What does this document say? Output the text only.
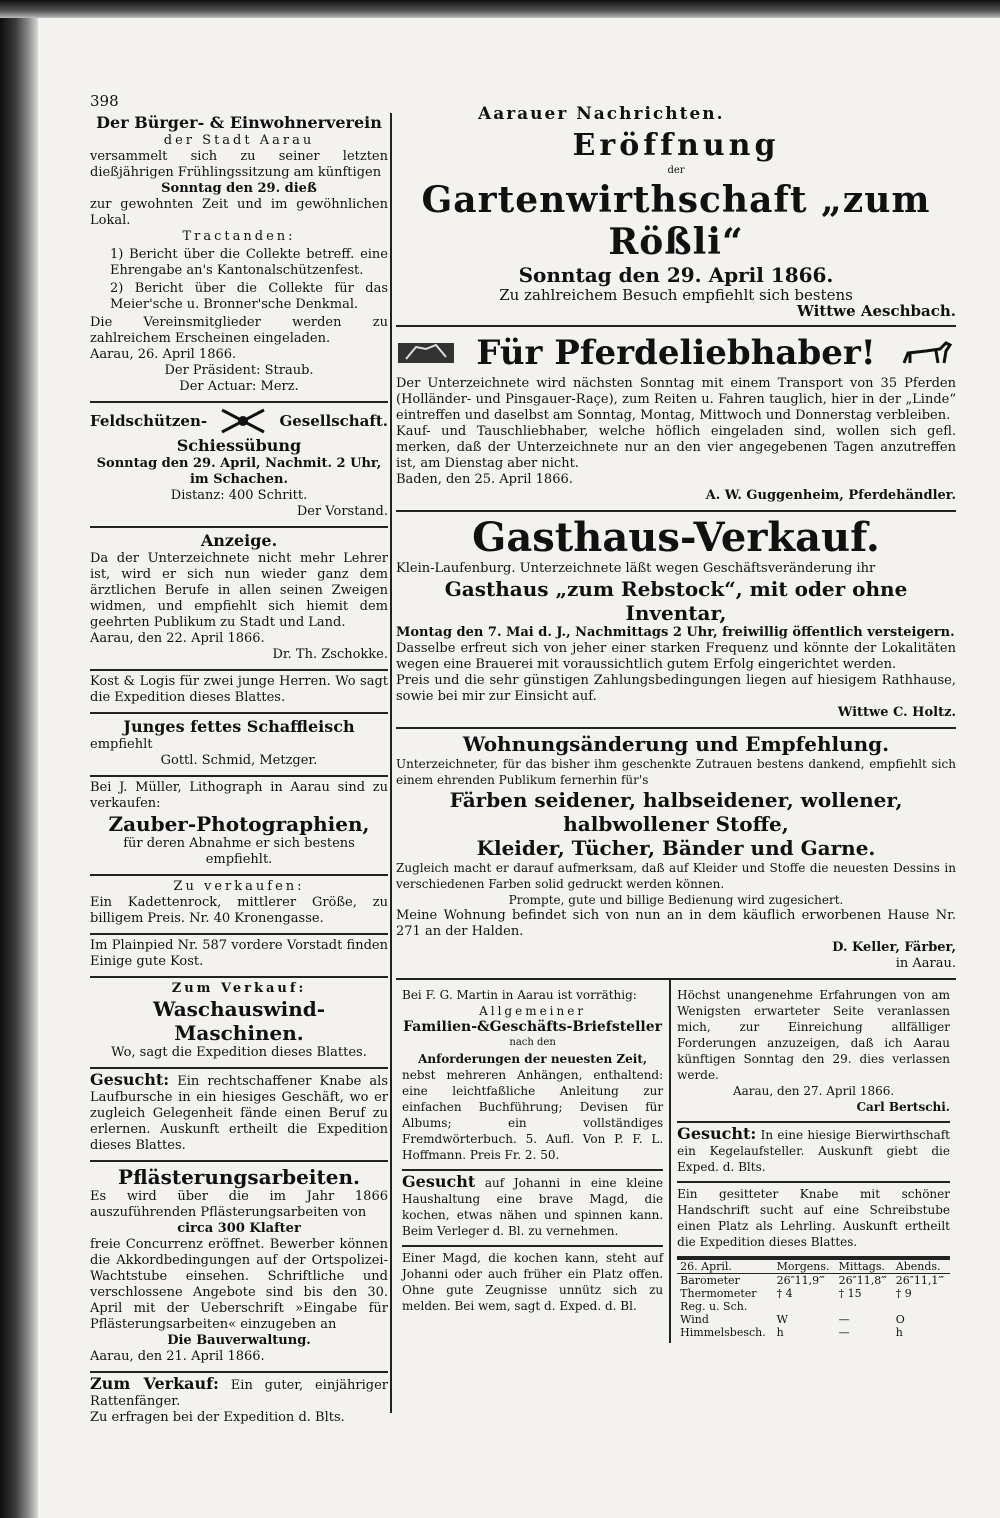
398
Aarauer Nachrichten.
Der Bürger- & Einwohnerverein

der Stadt Aarau

versammelt sich zu seiner letzten dießjährigen Frühlingssitzung am künftigen

Sonntag den 29. dieß

zur gewohnten Zeit und im gewöhnlichen Lokal.

Tractanden:

1) Bericht über die Collekte betreff. eine Ehrengabe an's Kantonalschützenfest.

2) Bericht über die Collekte für das Meier'sche u. Bronner'sche Denkmal.

Die Vereinsmitglieder werden zu zahlreichem Erscheinen eingeladen.

Aarau, 26. April 1866.

Der Präsident: Straub.

Der Actuar: Merz.

Feldschützen-	Gesellschaft.
Schiessübung

Sonntag den 29. April, Nachmit. 2 Uhr,

im Schachen.

Distanz: 400 Schritt.

Der Vorstand.

Anzeige.

Da der Unterzeichnete nicht mehr Lehrer ist, wird er sich nun wieder ganz dem ärztlichen Berufe in allen seinen Zweigen widmen, und empfiehlt sich hiemit dem geehrten Publikum zu Stadt und Land.

Aarau, den 22. April 1866.

Dr. Th. Zschokke.

Kost & Logis für zwei junge Herren. Wo sagt die Expedition dieses Blattes.

Junges fettes Schaffleisch

empfiehlt

Gottl. Schmid, Metzger.

Bei J. Müller, Lithograph in Aarau sind zu verkaufen:

Zauber-Photographien,

für deren Abnahme er sich bestens empfiehlt.

Zu verkaufen:

Ein Kadettenrock, mittlerer Größe, zu billigem Preis. Nr. 40 Kronengasse.

Im Plainpied Nr. 587 vordere Vorstadt finden Einige gute Kost.

Zum Verkauf:

Waschauswind-Maschinen.

Wo, sagt die Expedition dieses Blattes.

Gesucht: Ein rechtschaffener Knabe als Laufbursche in ein hiesiges Geschäft, wo er zugleich Gelegenheit fände einen Beruf zu erlernen. Auskunft ertheilt die Expedition dieses Blattes.

Pflästerungsarbeiten.

Es wird über die im Jahr 1866 auszuführenden Pflästerungsarbeiten von

circa 300 Klafter

freie Concurrenz eröffnet. Bewerber können die Akkordbedingungen auf der Ortspolizei-Wachtstube einsehen. Schriftliche und verschlossene Angebote sind bis den 30. April mit der Ueberschrift »Eingabe für Pflästerungsarbeiten« einzugeben an

Die Bauverwaltung.

Aarau, den 21. April 1866.

Zum Verkauf: Ein guter, einjähriger Rattenfänger.

Zu erfragen bei der Expedition d. Blts.

Eröffnung

der

Gartenwirthschaft „zum Rößli“
Sonntag den 29. April 1866.

Zu zahlreichem Besuch empfiehlt sich bestens

Wittwe Aeschbach.

Für Pferdeliebhaber!

Der Unterzeichnete wird nächsten Sonntag mit einem Transport von 35 Pferden (Holländer- und Pinsgauer-Raçe), zum Reiten u. Fahren tauglich, hier in der „Linde“ eintreffen und daselbst am Sonntag, Montag, Mittwoch und Donnerstag verbleiben.

Kauf- und Tauschliebhaber, welche höflich eingeladen sind, wollen sich gefl. merken, daß der Unterzeichnete nur an den vier angegebenen Tagen anzutreffen ist, am Dienstag aber nicht.

Baden, den 25. April 1866.

A. W. Guggenheim, Pferdehändler.

Gasthaus-Verkauf.

Klein-Laufenburg. Unterzeichnete läßt wegen Geschäftsveränderung ihr

Gasthaus „zum Rebstock“, mit oder ohne Inventar,

Montag den 7. Mai d. J., Nachmittags 2 Uhr, freiwillig öffentlich versteigern.

Dasselbe erfreut sich von jeher einer starken Frequenz und könnte der Lokalitäten wegen eine Brauerei mit voraussichtlich gutem Erfolg eingerichtet werden.

Preis und die sehr günstigen Zahlungsbedingungen liegen auf hiesigem Rathhause, sowie bei mir zur Einsicht auf.

Wittwe C. Holtz.

Wohnungsänderung und Empfehlung.

Unterzeichneter, für das bisher ihm geschenkte Zutrauen bestens dankend, empfiehlt sich einem ehrenden Publikum fernerhin für's

Färben seidener, halbseidener, wollener, halbwollener Stoffe,
Kleider, Tücher, Bänder und Garne.

Zugleich macht er darauf aufmerksam, daß auf Kleider und Stoffe die neuesten Dessins in verschiedenen Farben solid gedruckt werden können.

Prompte, gute und billige Bedienung wird zugesichert.

Meine Wohnung befindet sich von nun an in dem käuflich erworbenen Hause Nr. 271 an der Halden.

D. Keller, Färber,

in Aarau.

Bei F. G. Martin in Aarau ist vorräthig:

Allgemeiner

Familien-&Geschäfts-Briefsteller

nach den

Anforderungen der neuesten Zeit,

nebst mehreren Anhängen, enthaltend: eine leichtfaßliche Anleitung zur einfachen Buchführung; Devisen für Albums; ein vollständiges Fremdwörterbuch. 5. Aufl. Von P. F. L. Hoffmann. Preis Fr. 2. 50.

Gesucht auf Johanni in eine kleine Haushaltung eine brave Magd, die kochen, etwas nähen und spinnen kann. Beim Verleger d. Bl. zu vernehmen.

Einer Magd, die kochen kann, steht auf Johanni oder auch früher ein Platz offen. Ohne gute Zeugnisse unnütz sich zu melden. Bei wem, sagt d. Exped. d. Bl.

Höchst unangenehme Erfahrungen von am Wenigsten erwarteter Seite veranlassen mich, zur Einreichung allfälliger Forderungen anzuzeigen, daß ich Aarau künftigen Sonntag den 29. dies verlassen werde.

Aarau, den 27. April 1866.

Carl Bertschi.

Gesucht: In eine hiesige Bierwirthschaft ein Kegelaufsteller. Auskunft giebt die Exped. d. Blts.

Ein gesitteter Knabe mit schöner Handschrift sucht auf eine Schreibstube einen Platz als Lehrling. Auskunft ertheilt die Expedition dieses Blattes.

26. April.	Morgens.	Mittags.	Abends.
Barometer	26″11,9‴	26″11,8‴	26″11,1‴
Thermometer	† 4	† 15	† 9
Reg. u. Sch.			
Wind	W	—	O
Himmelsbesch.	h	—	h
